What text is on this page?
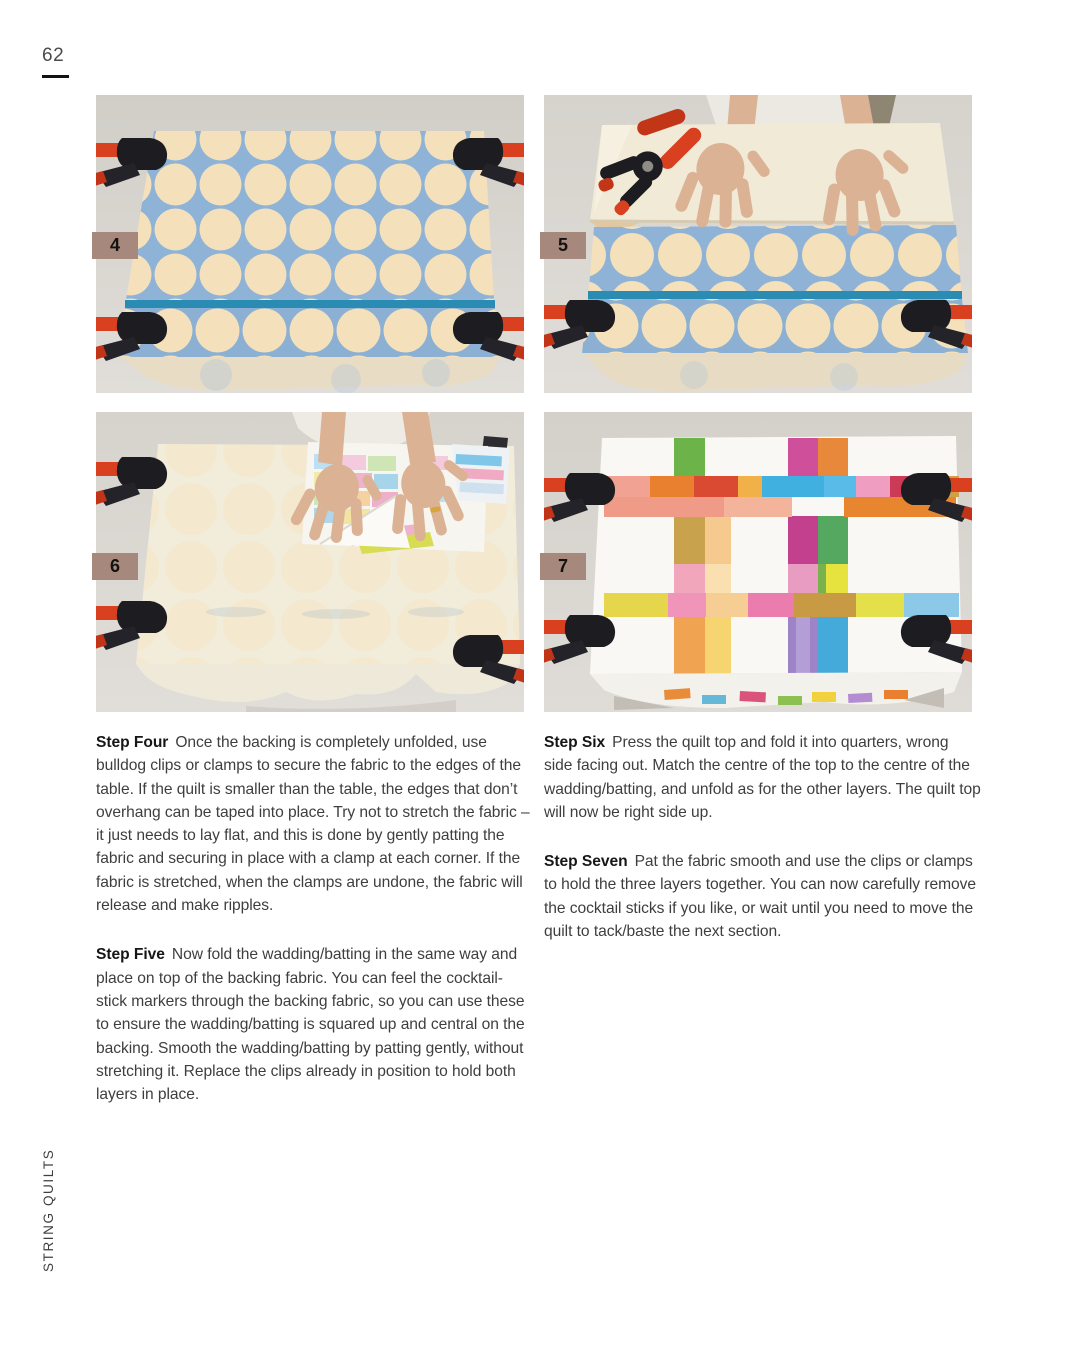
62
4	5
6	7

Step Four Once the backing is completely unfolded, use bulldog clips or clamps to secure the fabric to the edges of the table. If the quilt is smaller than the table, the edges that don’t overhang can be taped into place. Try not to stretch the fabric – it just needs to lay flat, and this is done by gently patting the fabric and securing in place with a clamp at each corner. If the fabric is stretched, when the clamps are undone, the fabric will release and make ripples.

Step Five Now fold the wadding/batting in the same way and place on top of the backing fabric. You can feel the cocktail-stick markers through the backing fabric, so you can use these to ensure the wadding/batting is squared up and central on the backing. Smooth the wadding/batting by patting gently, without stretching it. Replace the clips already in position to hold both layers in place.

Step Six Press the quilt top and fold it into quarters, wrong side facing out. Match the centre of the top to the centre of the wadding/batting, and unfold as for the other layers. The quilt top will now be right side up.

Step Seven Pat the fabric smooth and use the clips or clamps to hold the three layers together. You can now carefully remove the cocktail sticks if you like, or wait until you need to move the quilt to tack/baste the next section.

STRING QUILTS
